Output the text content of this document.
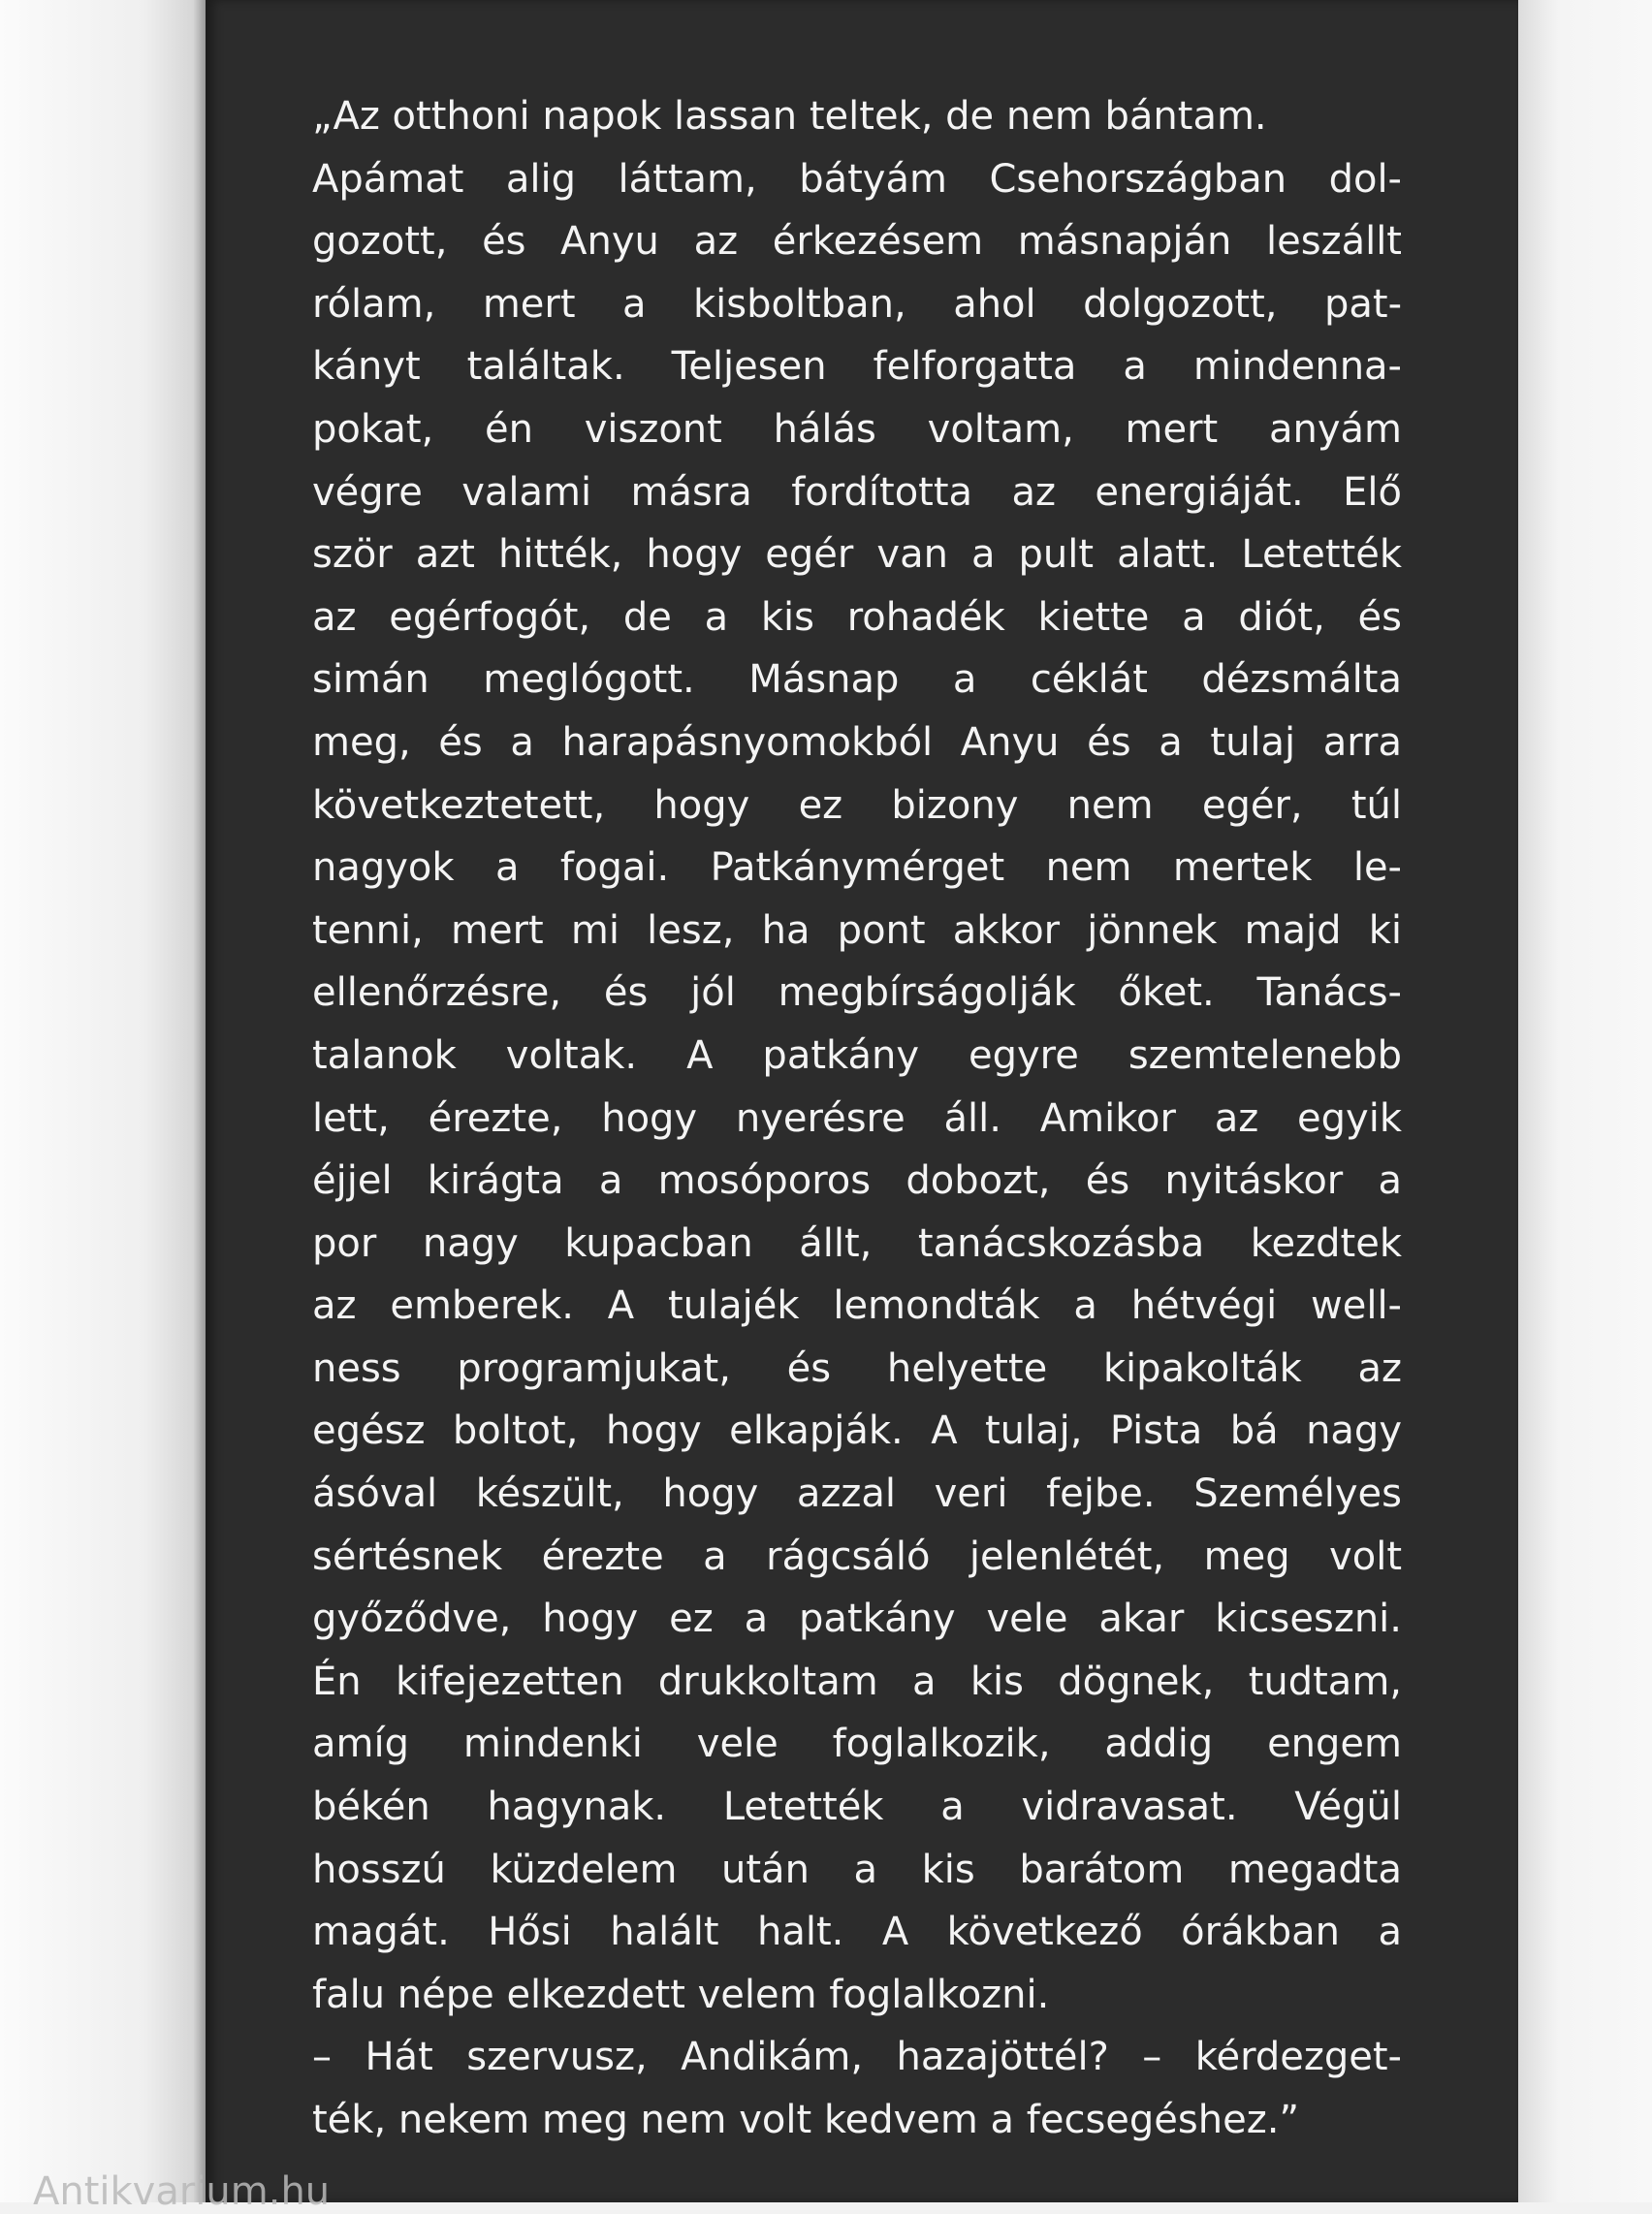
„Az otthoni napok lassan teltek, de nem bántam.
Apámat alig láttam, bátyám Csehországban dol-
gozott, és Anyu az érkezésem másnapján leszállt
rólam, mert a kisboltban, ahol dolgozott, pat-
kányt találtak. Teljesen felforgatta a mindenna-
pokat, én viszont hálás voltam, mert anyám
végre valami másra fordította az energiáját. Elő
ször azt hitték, hogy egér van a pult alatt. Letették
az egérfogót, de a kis rohadék kiette a diót, és
simán meglógott. Másnap a céklát dézsmálta
meg, és a harapásnyomokból Anyu és a tulaj arra
következtetett, hogy ez bizony nem egér, túl
nagyok a fogai. Patkánymérget nem mertek le-
tenni, mert mi lesz, ha pont akkor jönnek majd ki
ellenőrzésre, és jól megbírságolják őket. Tanács-
talanok voltak. A patkány egyre szemtelenebb
lett, érezte, hogy nyerésre áll. Amikor az egyik
éjjel kirágta a mosóporos dobozt, és nyitáskor a
por nagy kupacban állt, tanácskozásba kezdtek
az emberek. A tulajék lemondták a hétvégi well-
ness programjukat, és helyette kipakolták az
egész boltot, hogy elkapják. A tulaj, Pista bá nagy
ásóval készült, hogy azzal veri fejbe. Személyes
sértésnek érezte a rágcsáló jelenlétét, meg volt
győződve, hogy ez a patkány vele akar kicseszni.
Én kifejezetten drukkoltam a kis dögnek, tudtam,
amíg mindenki vele foglalkozik, addig engem
békén hagynak. Letették a vidravasat. Végül
hosszú küzdelem után a kis barátom megadta
magát. Hősi halált halt. A következő órákban a
falu népe elkezdett velem foglalkozni.
– Hát szervusz, Andikám, hazajöttél? – kérdezget-
ték, nekem meg nem volt kedvem a fecsegéshez.”
Antikvarium.hu
